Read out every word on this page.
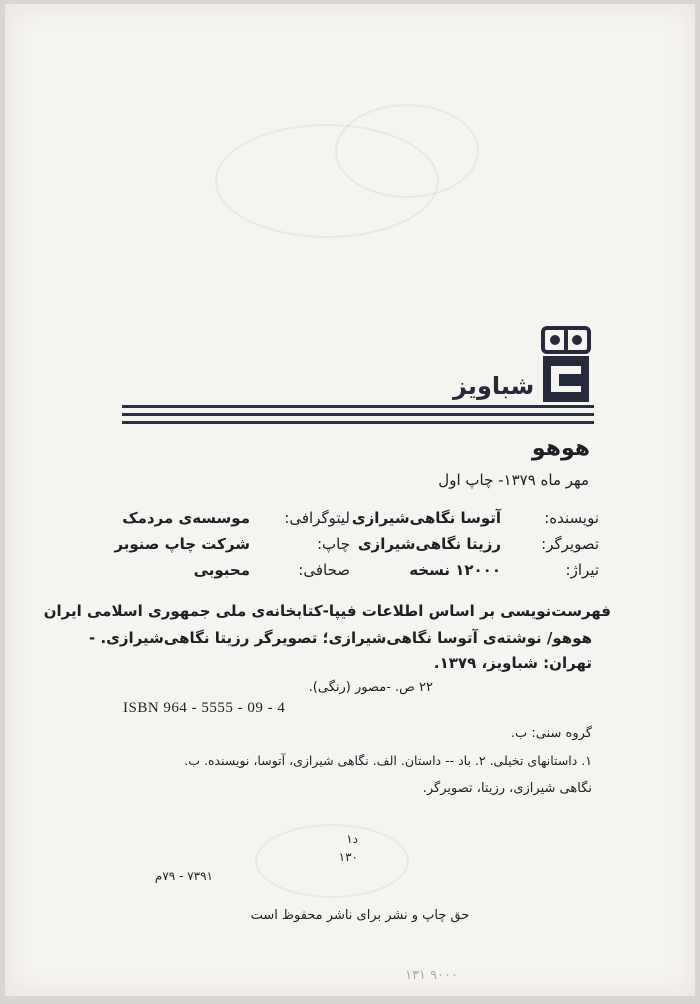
شباویز
هوهو
مهر ماه ۱۳۷۹- چاپ اول
نویسنده:
آتوسا نگاهی‌شیرازی
تصویرگر:
رزیتا نگاهی‌شیرازی
تیراژ:
۱۲۰۰۰ نسخه
لیتوگرافی:
موسسه‌ی مردمک
چاپ:
شرکت چاپ صنوبر
صحافی:
محبوبی
فهرست‌نویسی بر اساس اطلاعات فیپا-کتابخانه‌ی ملی جمهوری اسلامی ایران
هوهو/ نوشته‌ی آتوسا نگاهی‌شیرازی؛ تصویرگر رزیتا نگاهی‌شیرازی. -
تهران: شباویز، ۱۳۷۹.
۲۲ ص. -مصور (رنگی).
ISBN 964 - 5555 - 09 - 4
گروه سنی: ب.
۱. داستانهای تخیلی. ۲. باد -- داستان. الف. نگاهی شیرازی، آتوسا، نویسنده. ب.
نگاهی شیرازی، رزیتا، تصویرگر.
د۱
۱۳۰
۷۳۹۱ - ۷۹م
حق چاپ و نشر برای ناشر محفوظ است
۹۰۰۰ ۱۳۱
